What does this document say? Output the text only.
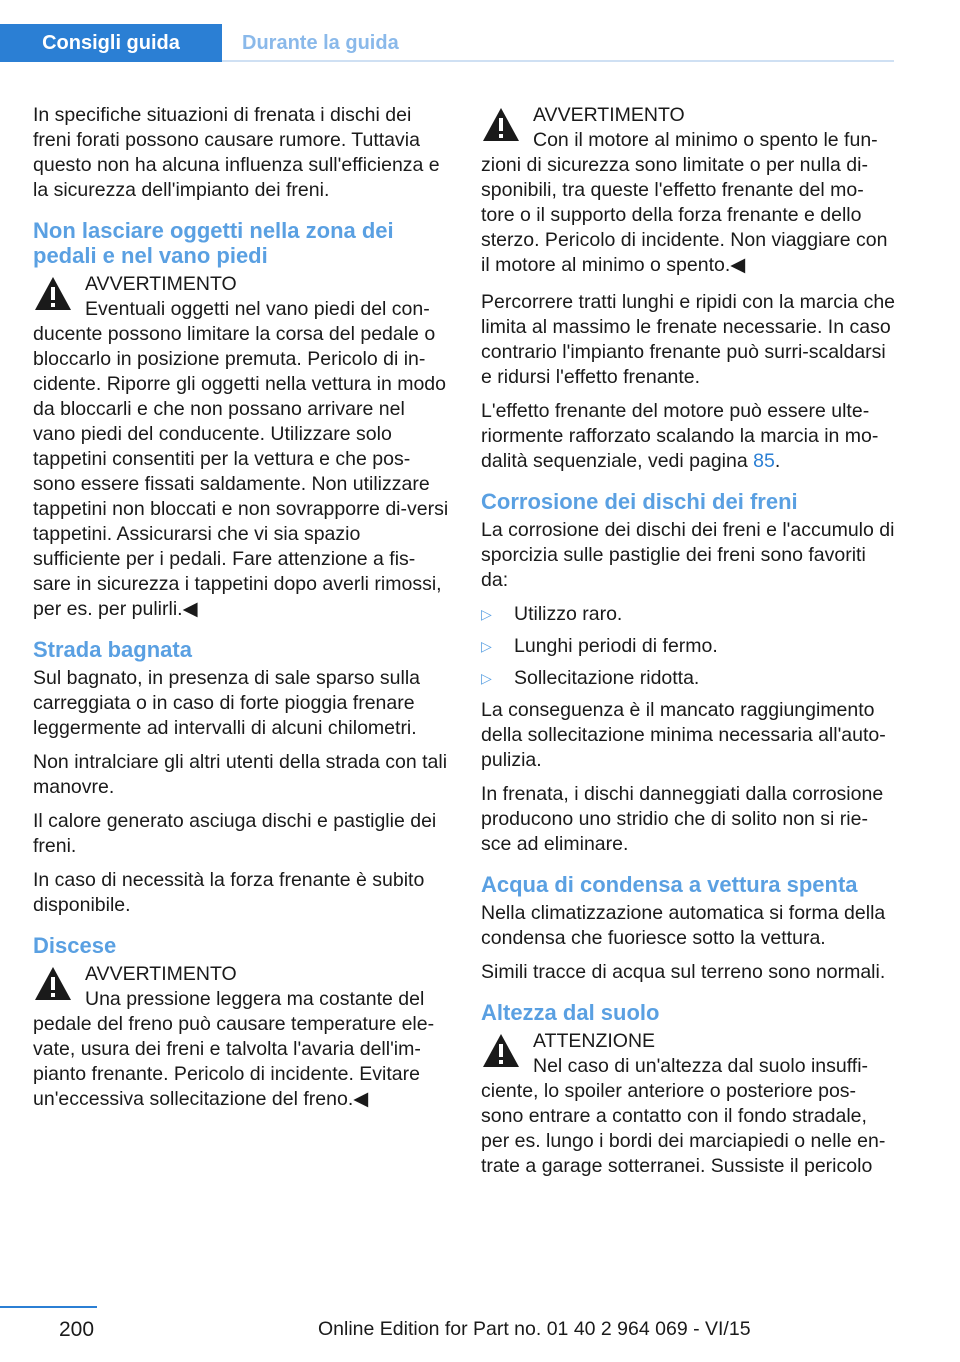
Consigli guida	Durante la guida

In specifiche situazioni di frenata i dischi dei freni forati possono causare rumore. Tuttavia questo non ha alcuna influenza sull'efficienza e la sicurezza dell'impianto dei freni.

Non lasciare oggetti nella zona dei pedali e nel vano piedi
AVVERTIMENTO
Eventuali oggetti nel vano piedi del con-
ducente possono limitare la corsa del pedale o bloccarlo in posizione premuta. Pericolo di in-cidente. Riporre gli oggetti nella vettura in modo da bloccarli e che non possano arrivare nel vano piedi del conducente. Utilizzare solo tappetini consentiti per la vettura e che pos-sono essere fissati saldamente. Non utilizzare tappetini non bloccati e non sovrapporre di-versi tappetini. Assicurarsi che vi sia spazio sufficiente per i pedali. Fare attenzione a fis-sare in sicurezza i tappetini dopo averli rimossi, per es. per pulirli.◀
Strada bagnata

Sul bagnato, in presenza di sale sparso sulla carreggiata o in caso di forte pioggia frenare leggermente ad intervalli di alcuni chilometri.

Non intralciare gli altri utenti della strada con tali manovre.

Il calore generato asciuga dischi e pastiglie dei freni.

In caso di necessità la forza frenante è subito disponibile.

Discese
AVVERTIMENTO
Una pressione leggera ma costante del
pedale del freno può causare temperature ele-vate, usura dei freni e talvolta l'avaria dell'im-pianto frenante. Pericolo di incidente. Evitare un'eccessiva sollecitazione del freno.◀
AVVERTIMENTO
Con il motore al minimo o spento le fun-
zioni di sicurezza sono limitate o per nulla di-sponibili, tra queste l'effetto frenante del mo-tore o il supporto della forza frenante e dello sterzo. Pericolo di incidente. Non viaggiare con il motore al minimo o spento.◀

Percorrere tratti lunghi e ripidi con la marcia che limita al massimo le frenate necessarie. In caso contrario l'impianto frenante può surri-scaldarsi e ridursi l'effetto frenante.

L'effetto frenante del motore può essere ulte-riormente rafforzato scalando la marcia in mo-dalità sequenziale, vedi pagina 85.

Corrosione dei dischi dei freni

La corrosione dei dischi dei freni e l'accumulo di sporcizia sulle pastiglie dei freni sono favoriti da:

▷ Utilizzo raro.
▷ Lunghi periodi di fermo.
▷ Sollecitazione ridotta.

La conseguenza è il mancato raggiungimento della sollecitazione minima necessaria all'auto-pulizia.

In frenata, i dischi danneggiati dalla corrosione producono uno stridio che di solito non si rie-sce ad eliminare.

Acqua di condensa a vettura spenta

Nella climatizzazione automatica si forma della condensa che fuoriesce sotto la vettura.

Simili tracce di acqua sul terreno sono normali.

Altezza dal suolo
ATTENZIONE
Nel caso di un'altezza dal suolo insuffi-
ciente, lo spoiler anteriore o posteriore pos-sono entrare a contatto con il fondo stradale, per es. lungo i bordi dei marciapiedi o nelle en-trate a garage sotterranei. Sussiste il pericolo
200	Online Edition for Part no. 01 40 2 964 069 - VI/15
